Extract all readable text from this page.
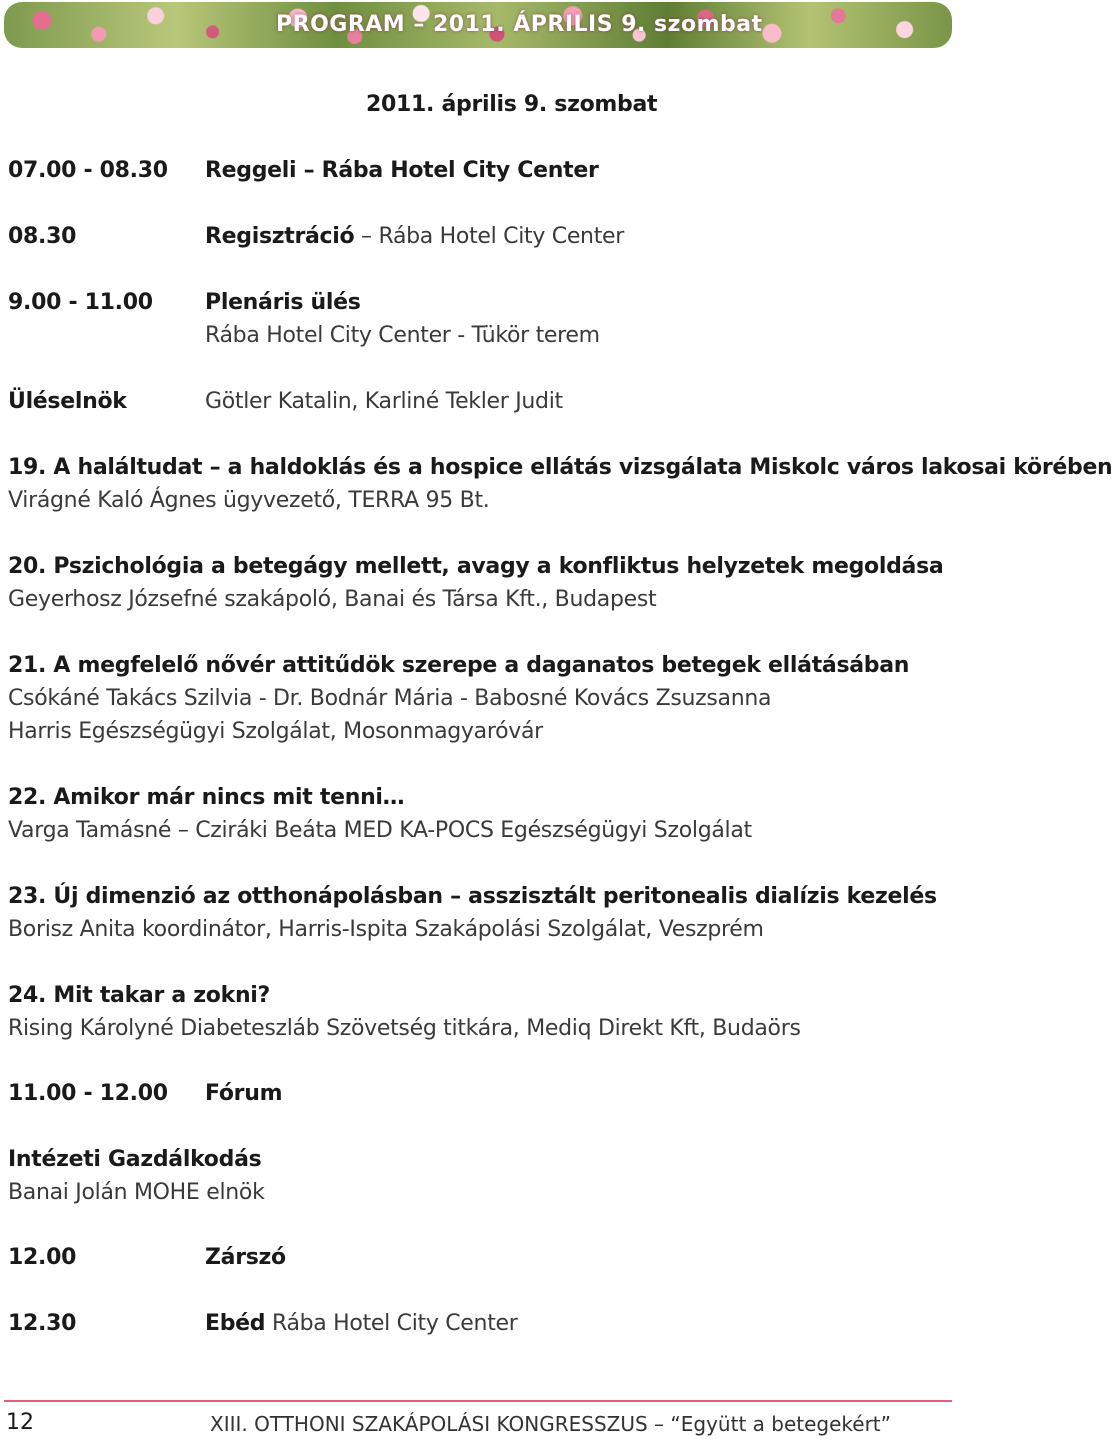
PROGRAM – 2011. ÁPRILIS 9. szombat
2011. április 9. szombat
07.00 - 08.30 Reggeli – Rába Hotel City Center
08.30	Regisztráció – Rába Hotel City Center
9.00 - 11.00 Plenáris ülés
Rába Hotel City Center - Tükör terem
Üléselnök	Götler Katalin, Karliné Tekler Judit
19. A haláltudat – a haldoklás és a hospice ellátás vizsgálata Miskolc város lakosai körében
Virágné Kaló Ágnes ügyvezető, TERRA 95 Bt.
20. Pszichológia a betegágy mellett, avagy a konfliktus helyzetek megoldása
Geyerhosz Józsefné szakápoló, Banai és Társa Kft., Budapest
21. A megfelelő nővér attitűdök szerepe a daganatos betegek ellátásában
Csókáné Takács Szilvia - Dr. Bodnár Mária - Babosné Kovács Zsuzsanna
Harris Egészségügyi Szolgálat, Mosonmagyaróvár
22. Amikor már nincs mit tenni…
Varga Tamásné – Cziráki Beáta MED KA-POCS Egészségügyi Szolgálat
23. Új dimenzió az otthonápolásban – asszisztált peritonealis dialízis kezelés
Borisz Anita koordinátor, Harris-Ispita Szakápolási Szolgálat, Veszprém
24. Mit takar a zokni?
Rising Károlyné Diabeteszláb Szövetség titkára, Mediq Direkt Kft, Budaörs
11.00 - 12.00 Fórum
Intézeti Gazdálkodás
Banai Jolán MOHE elnök
12.00	Zárszó
12.30	Ebéd Rába Hotel City Center
12	XIII. OTTHONI SZAKÁPOLÁSI KONGRESSZUS – “Együtt a betegekért”
